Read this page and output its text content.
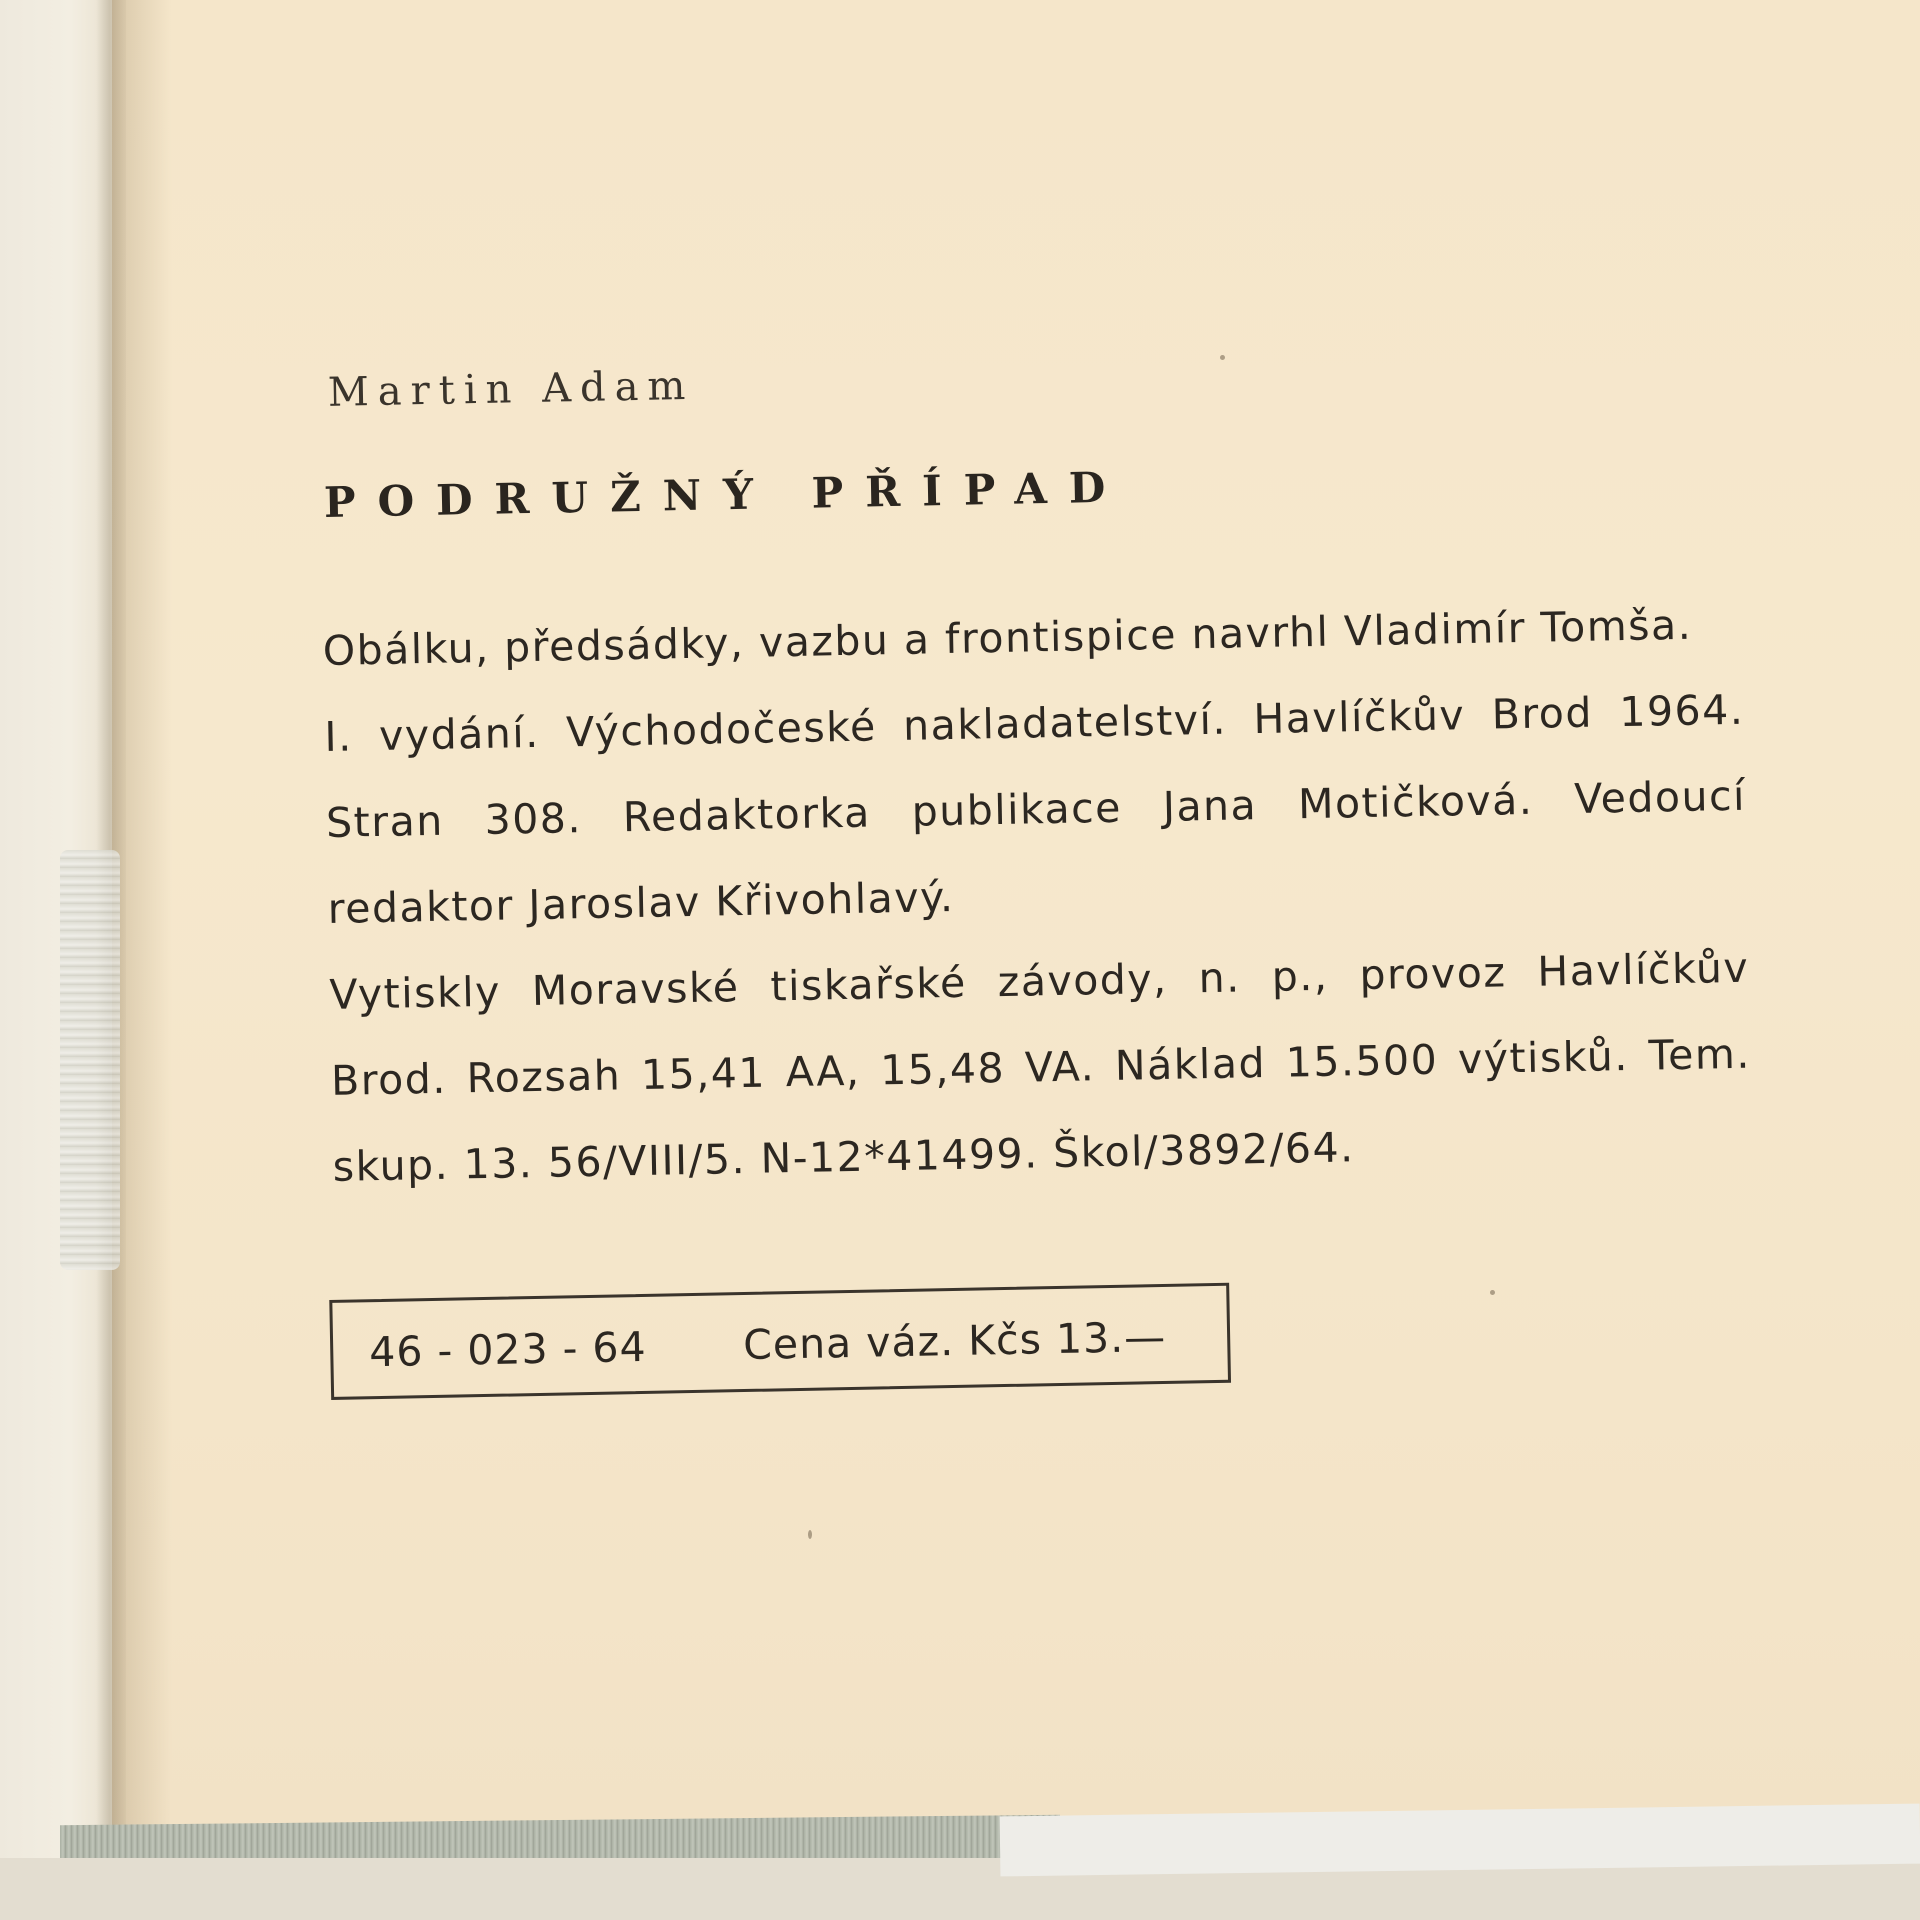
Martin Adam
PODRUŽNÝ PŘÍPAD

Obálku, předsádky, vazbu a frontispice navrhl Vladimír Tomša.

I. vydání. Východočeské nakladatelství. Havlíčkův Brod 1964. Stran 308. Redaktorka publikace Jana Motičková. Vedoucí redaktor Jaroslav Křivohlavý.

Vytiskly Moravské tiskařské závody, n. p., provoz Havlíčkův Brod. Rozsah 15,41 AA, 15,48 VA. Náklad 15.500 výtisků. Tem. skup. 13. 56/VIII/5. N-12*41499. Škol/3892/64.

46 - 023 - 64 Cena váz. Kčs 13.—
